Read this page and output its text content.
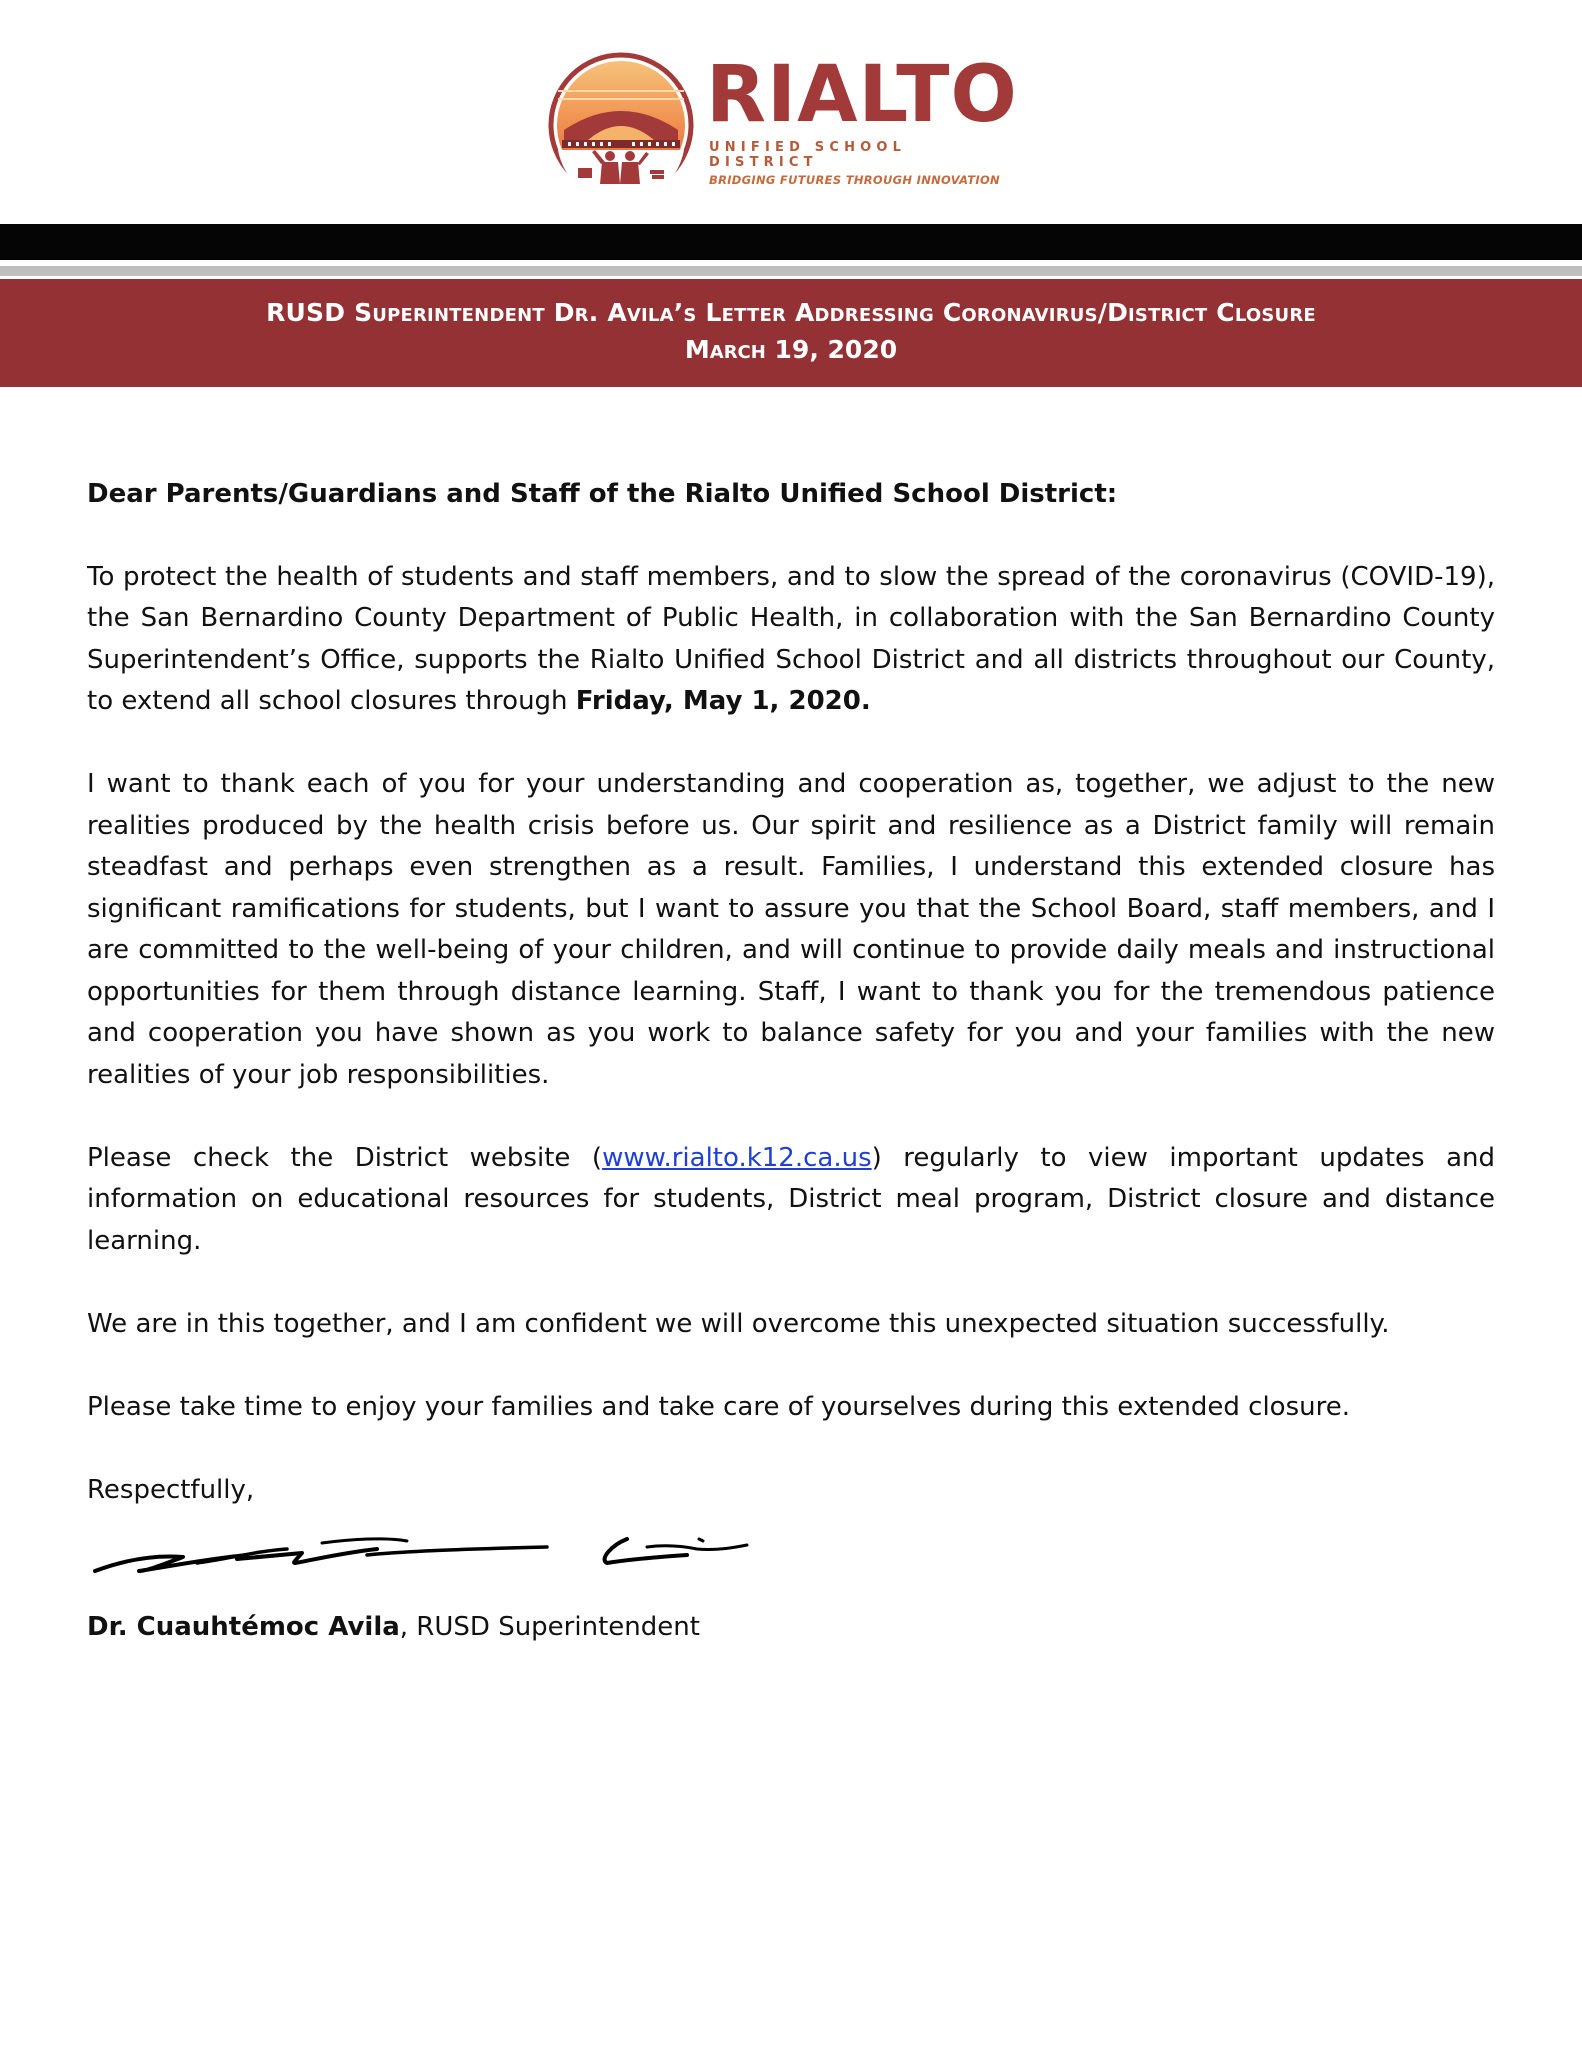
RIALTO
UNIFIED SCHOOL DISTRICT
BRIDGING FUTURES THROUGH INNOVATION
RUSD Superintendent Dr. Avila’s Letter Addressing Coronavirus/District Closure
March 19, 2020

Dear Parents/Guardians and Staff of the Rialto Unified School District:

To protect the health of students and staff members, and to slow the spread of the coronavirus (COVID-19), the San Bernardino County Department of Public Health, in collaboration with the San Bernardino County Superintendent’s Office, supports the Rialto Unified School District and all districts throughout our County, to extend all school closures through Friday, May 1, 2020.

I want to thank each of you for your understanding and cooperation as, together, we adjust to the new realities produced by the health crisis before us. Our spirit and resilience as a District family will remain steadfast and perhaps even strengthen as a result. Families, I understand this extended closure has significant ramifications for students, but I want to assure you that the School Board, staff members, and I are committed to the well-being of your children, and will continue to provide daily meals and instructional opportunities for them through distance learning. Staff, I want to thank you for the tremendous patience and cooperation you have shown as you work to balance safety for you and your families with the new realities of your job responsibilities.

Please check the District website (www.rialto.k12.ca.us) regularly to view important updates and information on educational resources for students, District meal program, District closure and distance learning.

We are in this together, and I am confident we will overcome this unexpected situation successfully.

Please take time to enjoy your families and take care of yourselves during this extended closure.

Respectfully,

Dr. Cuauhtémoc Avila, RUSD Superintendent
